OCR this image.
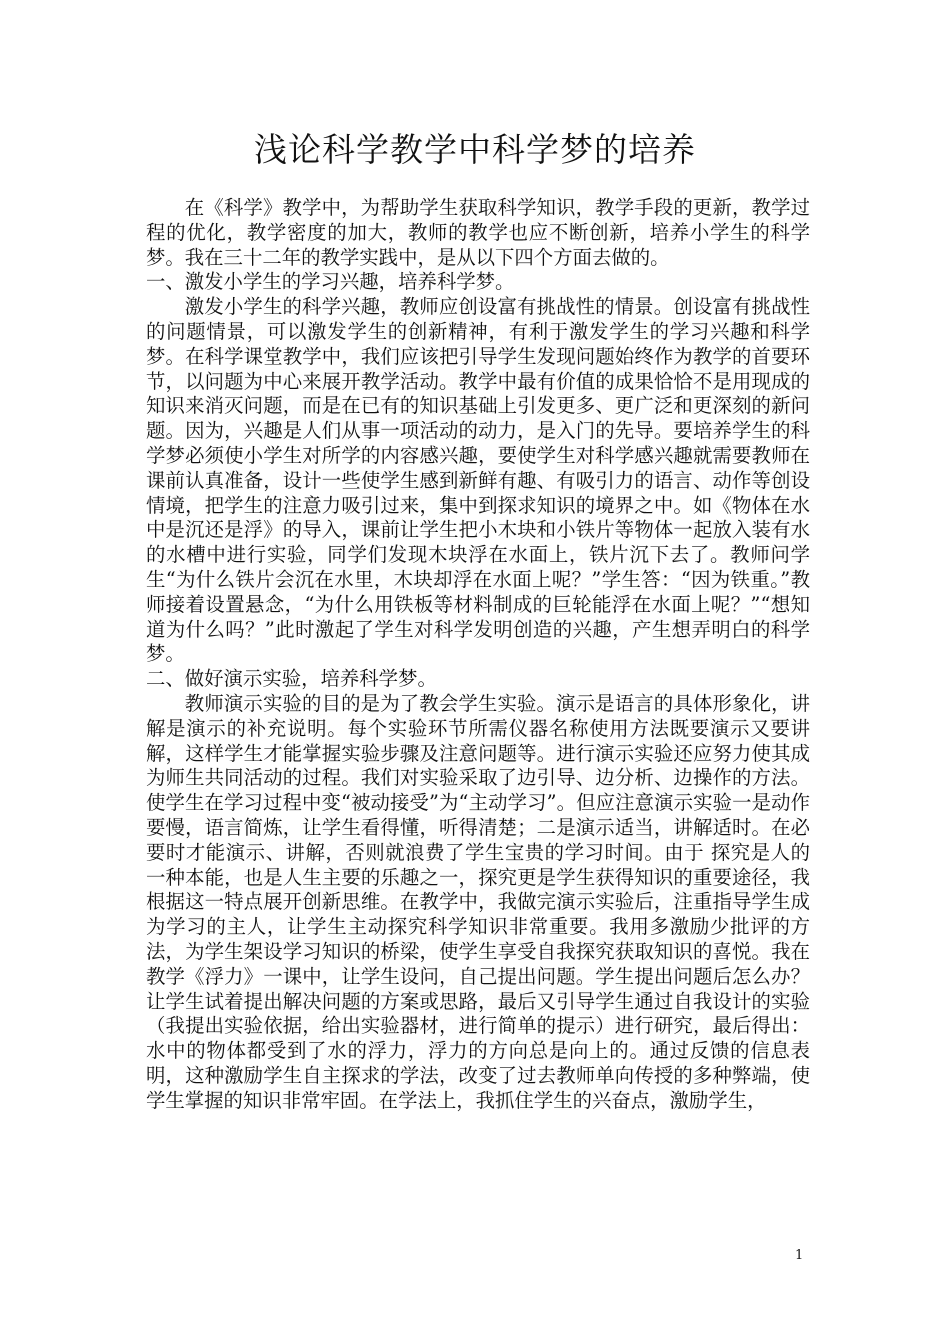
浅论科学教学中科学梦的培养

在《科学》教学中，为帮助学生获取科学知识，教学手段的更新，教学过程的优化，教学密度的加大，教师的教学也应不断创新，培养小学生的科学梦。我在三十二年的教学实践中，是从以下四个方面去做的。

一、激发小学生的学习兴趣，培养科学梦。

激发小学生的科学兴趣，教师应创设富有挑战性的情景。创设富有挑战性的问题情景，可以激发学生的创新精神，有利于激发学生的学习兴趣和科学梦。在科学课堂教学中，我们应该把引导学生发现问题始终作为教学的首要环节，以问题为中心来展开教学活动。教学中最有价值的成果恰恰不是用现成的知识来消灭问题，而是在已有的知识基础上引发更多、更广泛和更深刻的新问题。因为，兴趣是人们从事一项活动的动力，是入门的先导。要培养学生的科学梦必须使小学生对所学的内容感兴趣，要使学生对科学感兴趣就需要教师在课前认真准备，设计一些使学生感到新鲜有趣、有吸引力的语言、动作等创设情境，把学生的注意力吸引过来，集中到探求知识的境界之中。如《物体在水中是沉还是浮》的导入，课前让学生把小木块和小铁片等物体一起放入装有水的水槽中进行实验，同学们发现木块浮在水面上，铁片沉下去了。教师问学生“为什么铁片会沉在水里，木块却浮在水面上呢？”学生答：“因为铁重。”教师接着设置悬念，“为什么用铁板等材料制成的巨轮能浮在水面上呢？”“想知道为什么吗？”此时激起了学生对科学发明创造的兴趣，产生想弄明白的科学梦。

二、做好演示实验，培养科学梦。

教师演示实验的目的是为了教会学生实验。演示是语言的具体形象化，讲解是演示的补充说明。每个实验环节所需仪器名称使用方法既要演示又要讲解，这样学生才能掌握实验步骤及注意问题等。进行演示实验还应努力使其成为师生共同活动的过程。我们对实验采取了边引导、边分析、边操作的方法。使学生在学习过程中变“被动接受”为“主动学习”。但应注意演示实验一是动作要慢，语言简炼，让学生看得懂，听得清楚；二是演示适当，讲解适时。在必要时才能演示、讲解，否则就浪费了学生宝贵的学习时间。由于 探究是人的一种本能，也是人生主要的乐趣之一，探究更是学生获得知识的重要途径，我根据这一特点展开创新思维。在教学中，我做完演示实验后，注重指导学生成为学习的主人，让学生主动探究科学知识非常重要。我用多激励少批评的方法，为学生架设学习知识的桥梁，使学生享受自我探究获取知识的喜悦。我在教学《浮力》一课中，让学生设问，自己提出问题。学生提出问题后怎么办？让学生试着提出解决问题的方案或思路，最后又引导学生通过自我设计的实验（我提出实验依据，给出实验器材，进行简单的提示）进行研究，最后得出：水中的物体都受到了水的浮力，浮力的方向总是向上的。通过反馈的信息表明，这种激励学生自主探求的学法，改变了过去教师单向传授的多种弊端，使学生掌握的知识非常牢固。在学法上，我抓住学生的兴奋点，激励学生，

1
